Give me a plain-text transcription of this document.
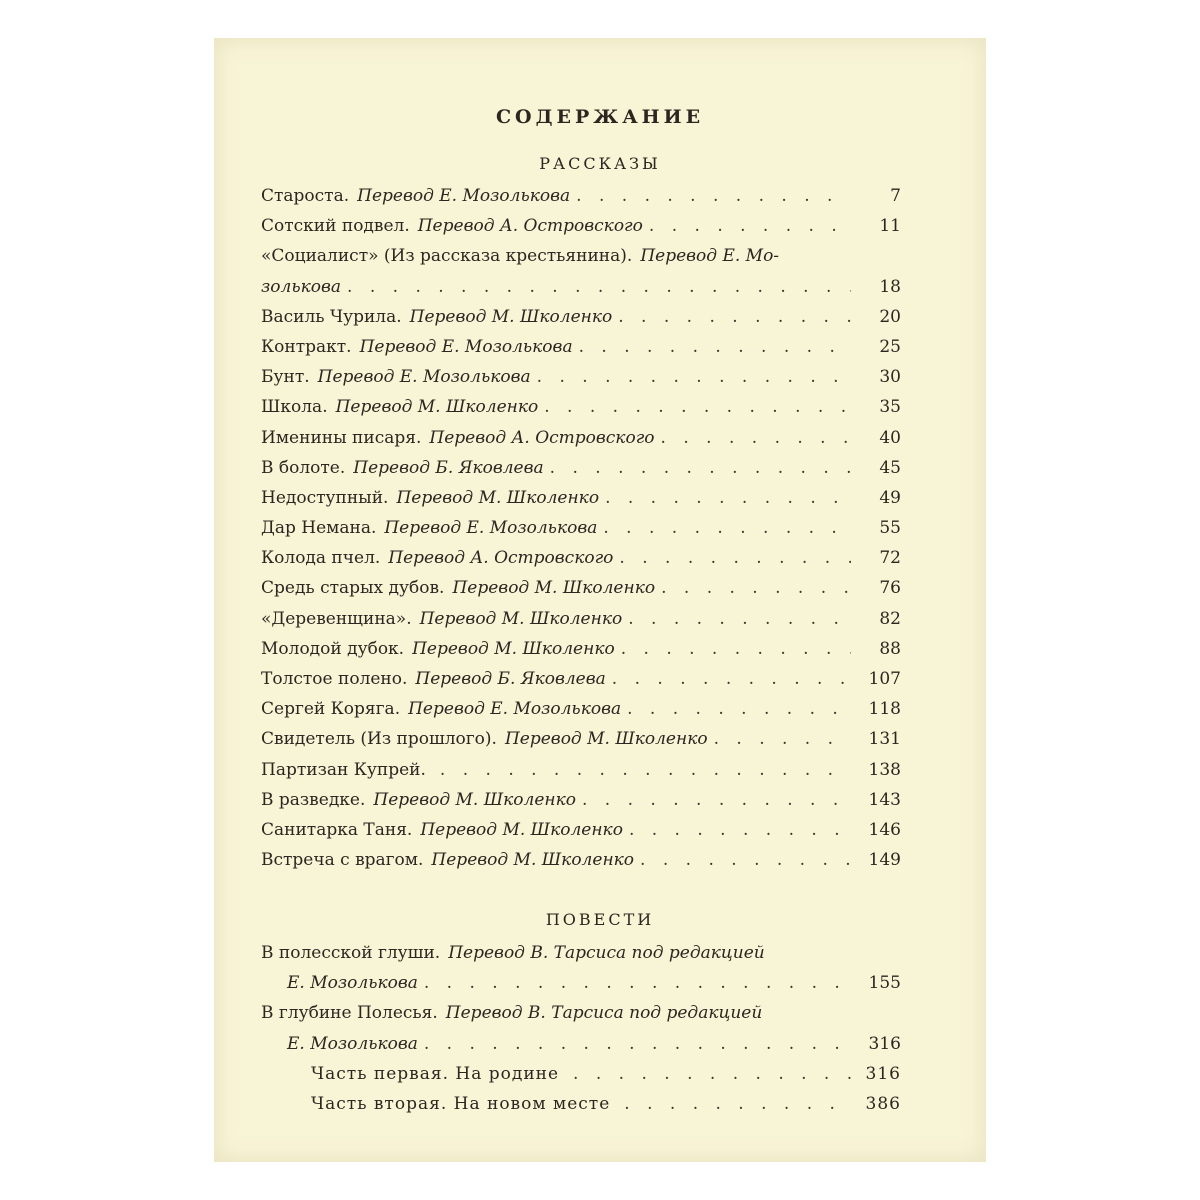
СОДЕРЖАНИЕ
РАССКАЗЫ
Староста. Перевод Е. Мозолькова . . .	7
Сотский подвел. Перевод А. Островского . . .	11
«Социалист» (Из рассказа крестьянина). Перевод Е. Мо-
золькова . . .	18
Василь Чурила. Перевод М. Школенко . . .	20
Контракт. Перевод Е. Мозолькова . . .	25
Бунт. Перевод Е. Мозолькова . . .	30
Школа. Перевод М. Школенко . . .	35
Именины писаря. Перевод А. Островского . . .	40
В болоте. Перевод Б. Яковлева . . .	45
Недоступный. Перевод М. Школенко . . .	49
Дар Немана. Перевод Е. Мозолькова . . .	55
Колода пчел. Перевод А. Островского . . .	72
Средь старых дубов. Перевод М. Школенко . . .	76
«Деревенщина». Перевод М. Школенко . . .	82
Молодой дубок. Перевод М. Школенко . . .	88
Толстое полено. Перевод Б. Яковлева . . .	107
Сергей Коряга. Перевод Е. Мозолькова . . .	118
Свидетель (Из прошлого). Перевод М. Школенко . . .	131
Партизан Купрей. . . .	138
В разведке. Перевод М. Школенко . . .	143
Санитарка Таня. Перевод М. Школенко . . .	146
Встреча с врагом. Перевод М. Школенко . . .	149
ПОВЕСТИ
В полесской глуши. Перевод В. Тарсиса под редакцией
Е. Мозолькова . . .	155
В глубине Полесья. Перевод В. Тарсиса под редакцией
Е. Мозолькова . . .	316
Часть первая. На родине . . .	316
Часть вторая. На новом месте . . .	386
